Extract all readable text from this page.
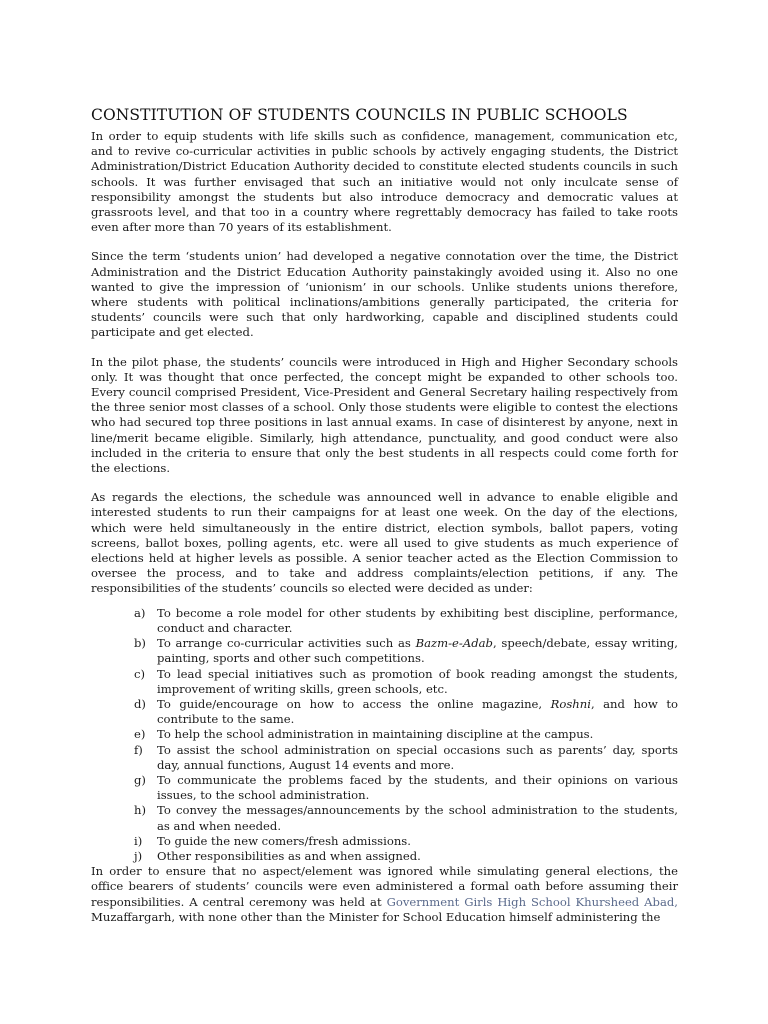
CONSTITUTION OF STUDENTS COUNCILS IN PUBLIC SCHOOLS

In order to equip students with life skills such as confidence, management, communication etc, and to revive co-curricular activities in public schools by actively engaging students, the District Administration/District Education Authority decided to constitute elected students councils in such schools. It was further envisaged that such an initiative would not only inculcate sense of responsibility amongst the students but also introduce democracy and democratic values at grassroots level, and that too in a country where regrettably democracy has failed to take roots even after more than 70 years of its establishment.

Since the term ‘students union’ had developed a negative connotation over the time, the District Administration and the District Education Authority painstakingly avoided using it. Also no one wanted to give the impression of ‘unionism’ in our schools. Unlike students unions therefore, where students with political inclinations/ambitions generally participated, the criteria for students’ councils were such that only hardworking, capable and disciplined students could participate and get elected.

In the pilot phase, the students’ councils were introduced in High and Higher Secondary schools only. It was thought that once perfected, the concept might be expanded to other schools too. Every council comprised President, Vice-President and General Secretary hailing respectively from the three senior most classes of a school. Only those students were eligible to contest the elections who had secured top three positions in last annual exams. In case of disinterest by anyone, next in line/merit became eligible. Similarly, high attendance, punctuality, and good conduct were also included in the criteria to ensure that only the best students in all respects could come forth for the elections.

As regards the elections, the schedule was announced well in advance to enable eligible and interested students to run their campaigns for at least one week. On the day of the elections, which were held simultaneously in the entire district, election symbols, ballot papers, voting screens, ballot boxes, polling agents, etc. were all used to give students as much experience of elections held at higher levels as possible. A senior teacher acted as the Election Commission to oversee the process, and to take and address complaints/election petitions, if any. The responsibilities of the students’ councils so elected were decided as under:

a) To become a role model for other students by exhibiting best discipline, performance, conduct and character.
b) To arrange co-curricular activities such as Bazm-e-Adab, speech/debate, essay writing, painting, sports and other such competitions.
c) To lead special initiatives such as promotion of book reading amongst the students, improvement of writing skills, green schools, etc.
d) To guide/encourage on how to access the online magazine, Roshni, and how to contribute to the same.
e) To help the school administration in maintaining discipline at the campus.
f) To assist the school administration on special occasions such as parents’ day, sports day, annual functions, August 14 events and more.
g) To communicate the problems faced by the students, and their opinions on various issues, to the school administration.
h) To convey the messages/announcements by the school administration to the students, as and when needed.
i) To guide the new comers/fresh admissions.
j) Other responsibilities as and when assigned.

In order to ensure that no aspect/element was ignored while simulating general elections, the office bearers of students’ councils were even administered a formal oath before assuming their responsibilities. A central ceremony was held at Government Girls High School Khursheed Abad, Muzaffargarh, with none other than the Minister for School Education himself administering the
